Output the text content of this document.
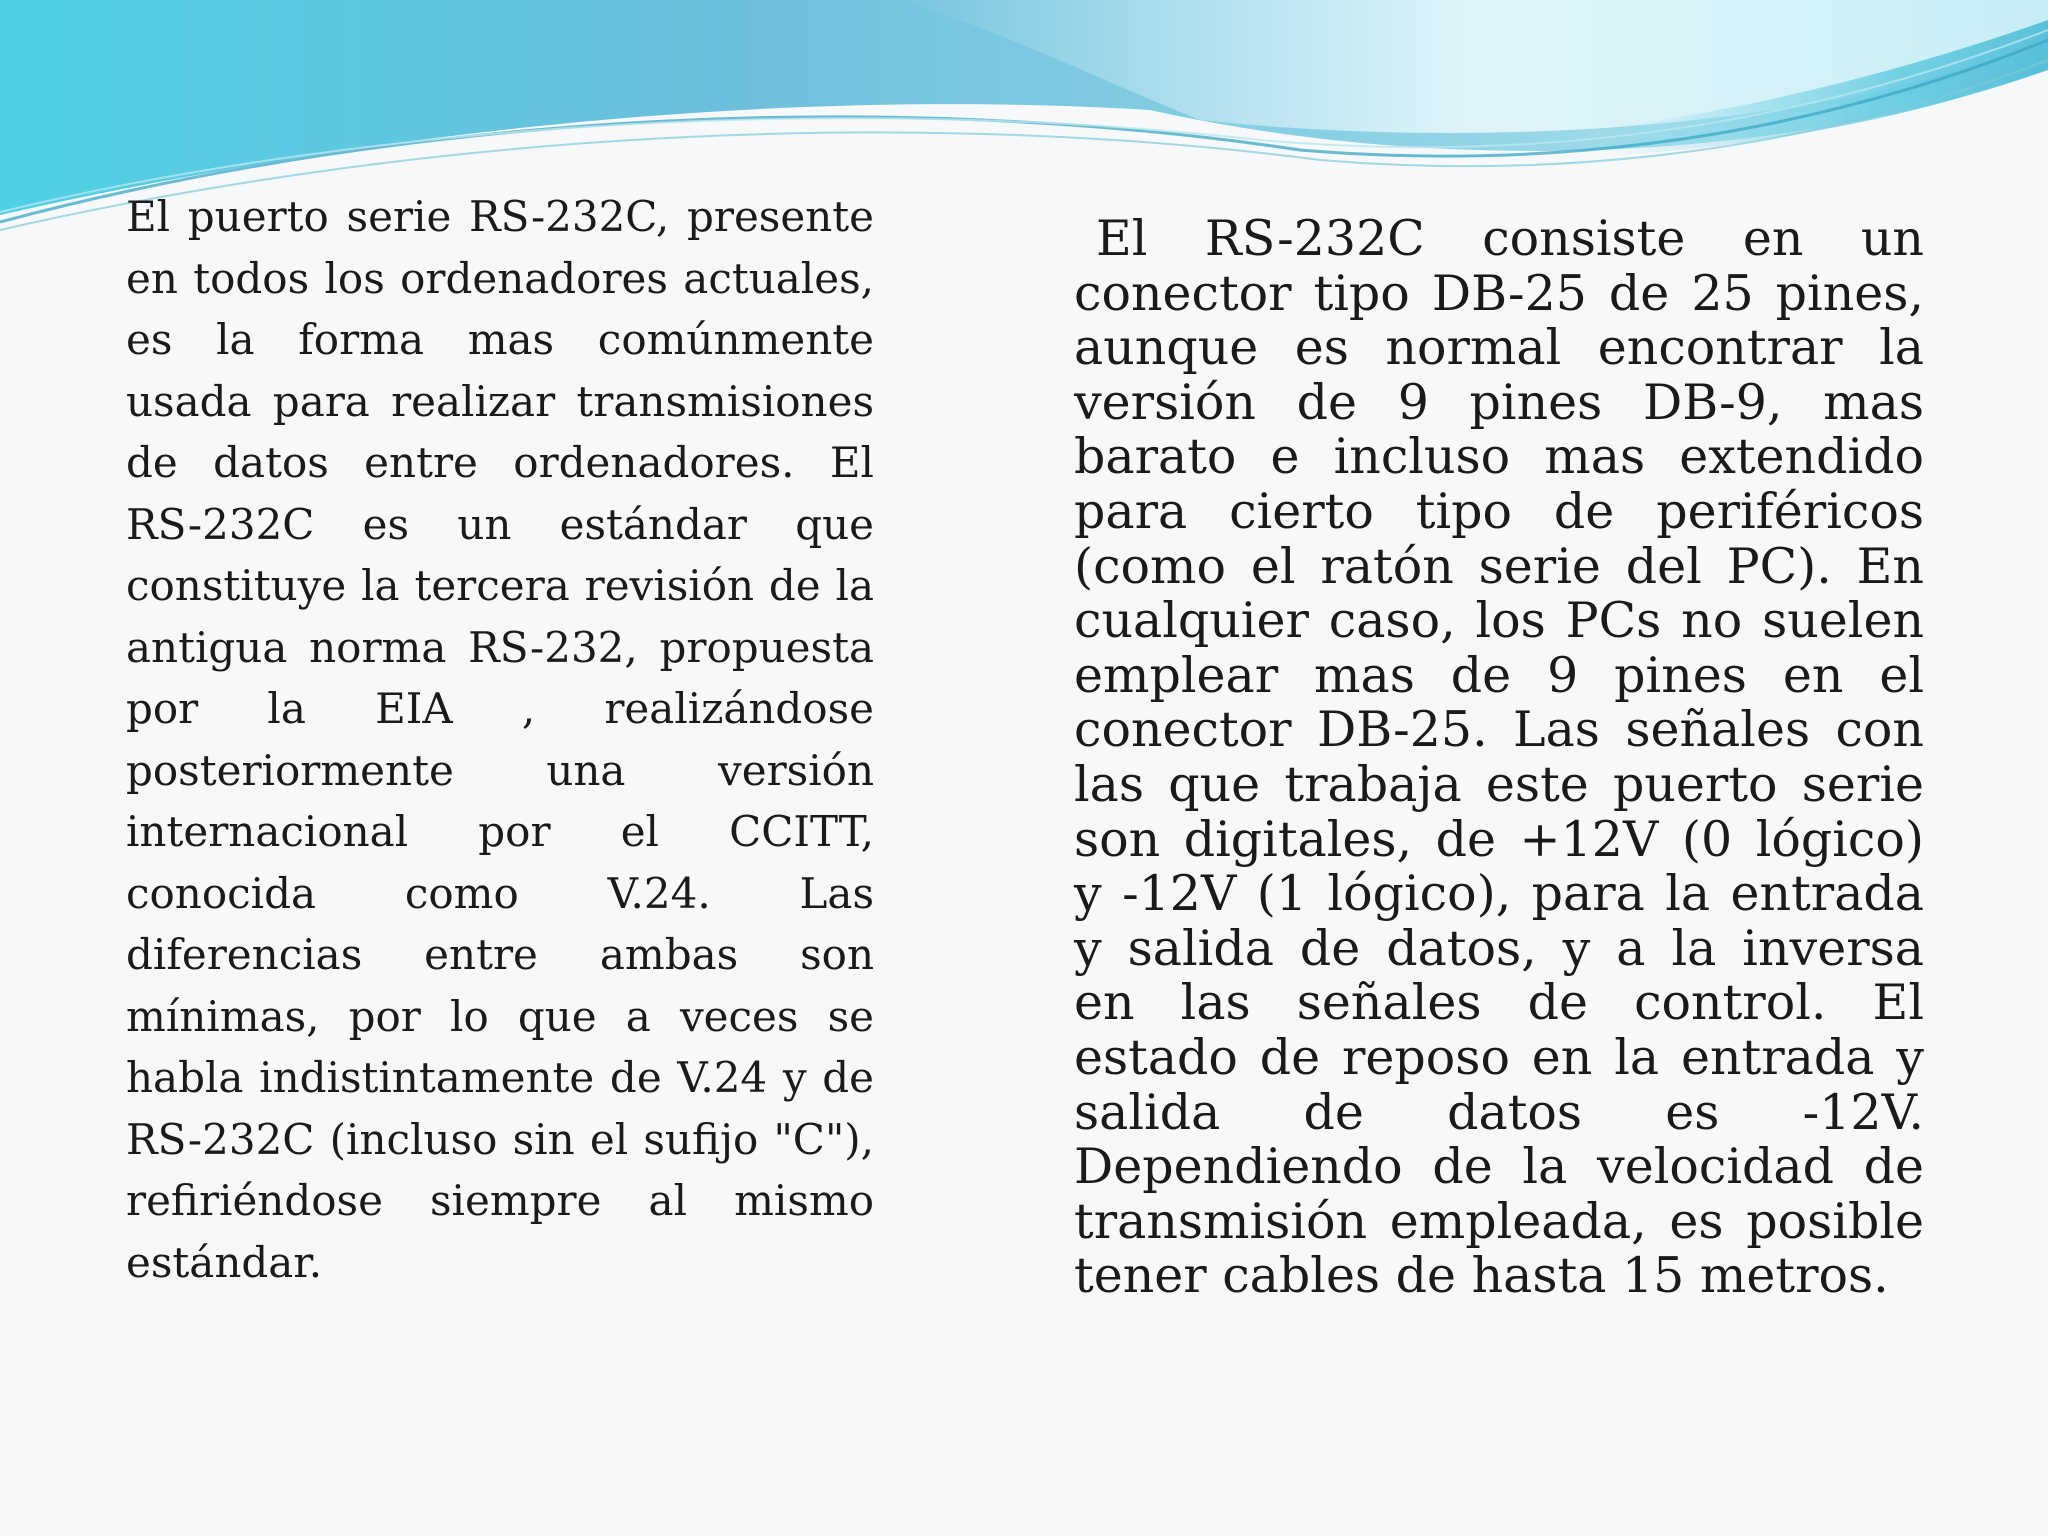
El puerto serie RS-232C, presente en todos los ordenadores actuales, es la forma mas comúnmente usada para realizar transmisiones de datos entre ordenadores. El RS-232C es un estándar que constituye la tercera revisión de la antigua norma RS-232, propuesta por la EIA , realizándose posteriormente una versión internacional por el CCITT, conocida como V.24. Las diferencias entre ambas son mínimas, por lo que a veces se habla indistintamente de V.24 y de RS-232C (incluso sin el sufijo "C"), refiriéndose siempre al mismo estándar.

El RS-232C consiste en un conector tipo DB-25 de 25 pines, aunque es normal encontrar la versión de 9 pines DB-9, mas barato e incluso mas extendido para cierto tipo de periféricos (como el ratón serie del PC). En cualquier caso, los PCs no suelen emplear mas de 9 pines en el conector DB-25. Las señales con las que trabaja este puerto serie son digitales, de +12V (0 lógico) y -12V (1 lógico), para la entrada y salida de datos, y a la inversa en las señales de control. El estado de reposo en la entrada y salida de datos es -12V. Dependiendo de la velocidad de transmisión empleada, es posible tener cables de hasta 15 metros.
